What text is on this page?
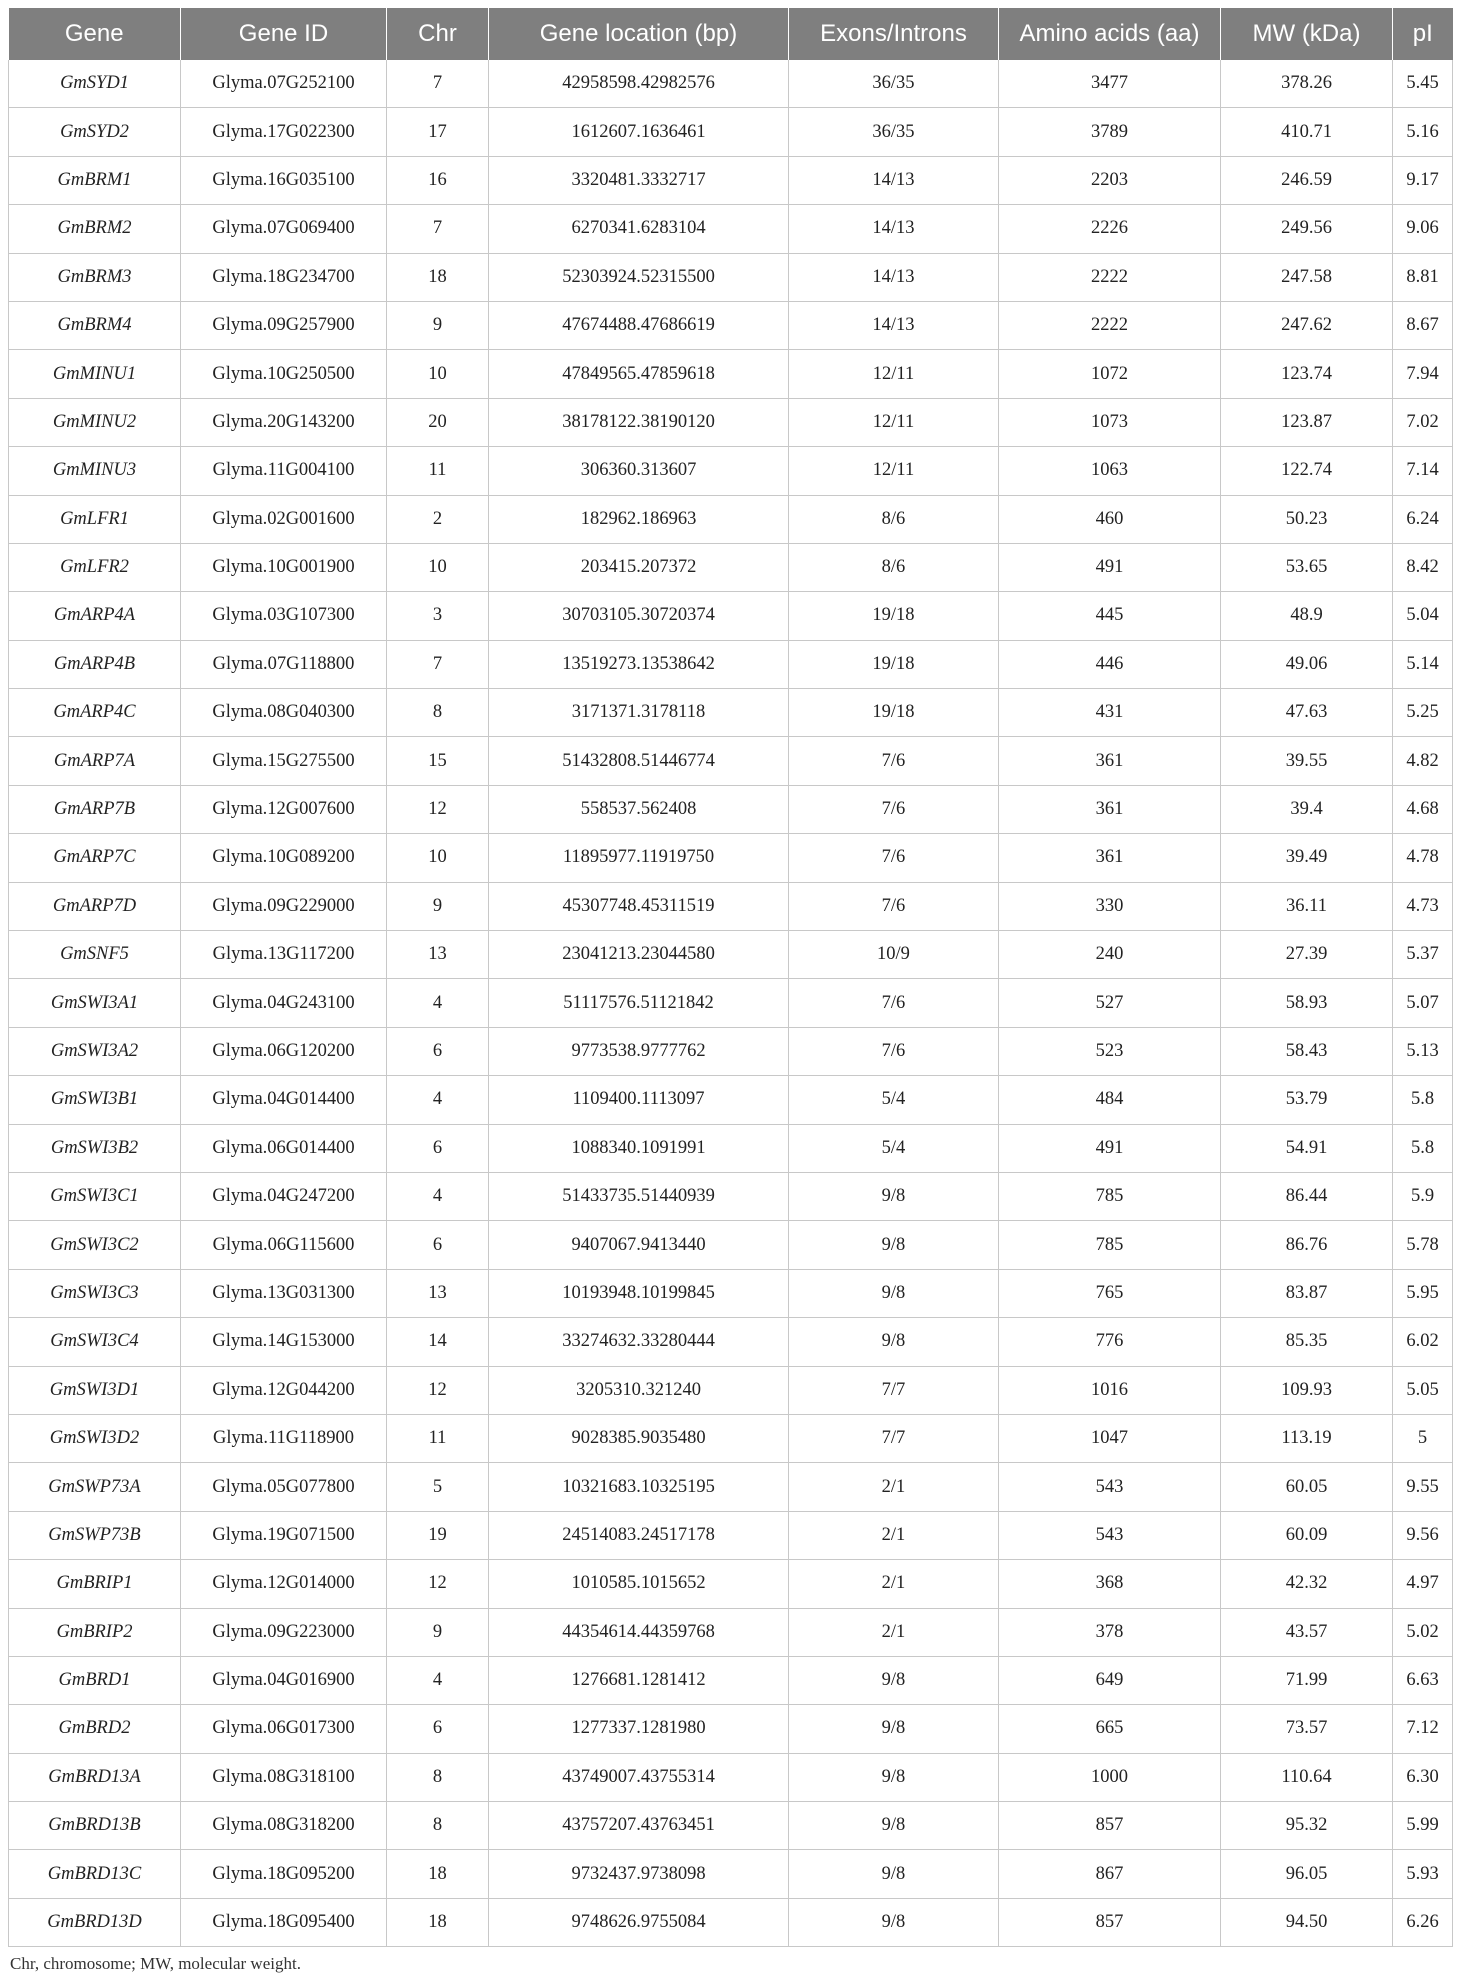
Gene	Gene ID	Chr	Gene location (bp)	Exons/Introns	Amino acids (aa)	MW (kDa)	pI
GmSYD1	Glyma.07G252100	7	42958598.42982576	36/35	3477	378.26	5.45
GmSYD2	Glyma.17G022300	17	1612607.1636461	36/35	3789	410.71	5.16
GmBRM1	Glyma.16G035100	16	3320481.3332717	14/13	2203	246.59	9.17
GmBRM2	Glyma.07G069400	7	6270341.6283104	14/13	2226	249.56	9.06
GmBRM3	Glyma.18G234700	18	52303924.52315500	14/13	2222	247.58	8.81
GmBRM4	Glyma.09G257900	9	47674488.47686619	14/13	2222	247.62	8.67
GmMINU1	Glyma.10G250500	10	47849565.47859618	12/11	1072	123.74	7.94
GmMINU2	Glyma.20G143200	20	38178122.38190120	12/11	1073	123.87	7.02
GmMINU3	Glyma.11G004100	11	306360.313607	12/11	1063	122.74	7.14
GmLFR1	Glyma.02G001600	2	182962.186963	8/6	460	50.23	6.24
GmLFR2	Glyma.10G001900	10	203415.207372	8/6	491	53.65	8.42
GmARP4A	Glyma.03G107300	3	30703105.30720374	19/18	445	48.9	5.04
GmARP4B	Glyma.07G118800	7	13519273.13538642	19/18	446	49.06	5.14
GmARP4C	Glyma.08G040300	8	3171371.3178118	19/18	431	47.63	5.25
GmARP7A	Glyma.15G275500	15	51432808.51446774	7/6	361	39.55	4.82
GmARP7B	Glyma.12G007600	12	558537.562408	7/6	361	39.4	4.68
GmARP7C	Glyma.10G089200	10	11895977.11919750	7/6	361	39.49	4.78
GmARP7D	Glyma.09G229000	9	45307748.45311519	7/6	330	36.11	4.73
GmSNF5	Glyma.13G117200	13	23041213.23044580	10/9	240	27.39	5.37
GmSWI3A1	Glyma.04G243100	4	51117576.51121842	7/6	527	58.93	5.07
GmSWI3A2	Glyma.06G120200	6	9773538.9777762	7/6	523	58.43	5.13
GmSWI3B1	Glyma.04G014400	4	1109400.1113097	5/4	484	53.79	5.8
GmSWI3B2	Glyma.06G014400	6	1088340.1091991	5/4	491	54.91	5.8
GmSWI3C1	Glyma.04G247200	4	51433735.51440939	9/8	785	86.44	5.9
GmSWI3C2	Glyma.06G115600	6	9407067.9413440	9/8	785	86.76	5.78
GmSWI3C3	Glyma.13G031300	13	10193948.10199845	9/8	765	83.87	5.95
GmSWI3C4	Glyma.14G153000	14	33274632.33280444	9/8	776	85.35	6.02
GmSWI3D1	Glyma.12G044200	12	3205310.321240	7/7	1016	109.93	5.05
GmSWI3D2	Glyma.11G118900	11	9028385.9035480	7/7	1047	113.19	5
GmSWP73A	Glyma.05G077800	5	10321683.10325195	2/1	543	60.05	9.55
GmSWP73B	Glyma.19G071500	19	24514083.24517178	2/1	543	60.09	9.56
GmBRIP1	Glyma.12G014000	12	1010585.1015652	2/1	368	42.32	4.97
GmBRIP2	Glyma.09G223000	9	44354614.44359768	2/1	378	43.57	5.02
GmBRD1	Glyma.04G016900	4	1276681.1281412	9/8	649	71.99	6.63
GmBRD2	Glyma.06G017300	6	1277337.1281980	9/8	665	73.57	7.12
GmBRD13A	Glyma.08G318100	8	43749007.43755314	9/8	1000	110.64	6.30
GmBRD13B	Glyma.08G318200	8	43757207.43763451	9/8	857	95.32	5.99
GmBRD13C	Glyma.18G095200	18	9732437.9738098	9/8	867	96.05	5.93
GmBRD13D	Glyma.18G095400	18	9748626.9755084	9/8	857	94.50	6.26
Chr, chromosome; MW, molecular weight.
